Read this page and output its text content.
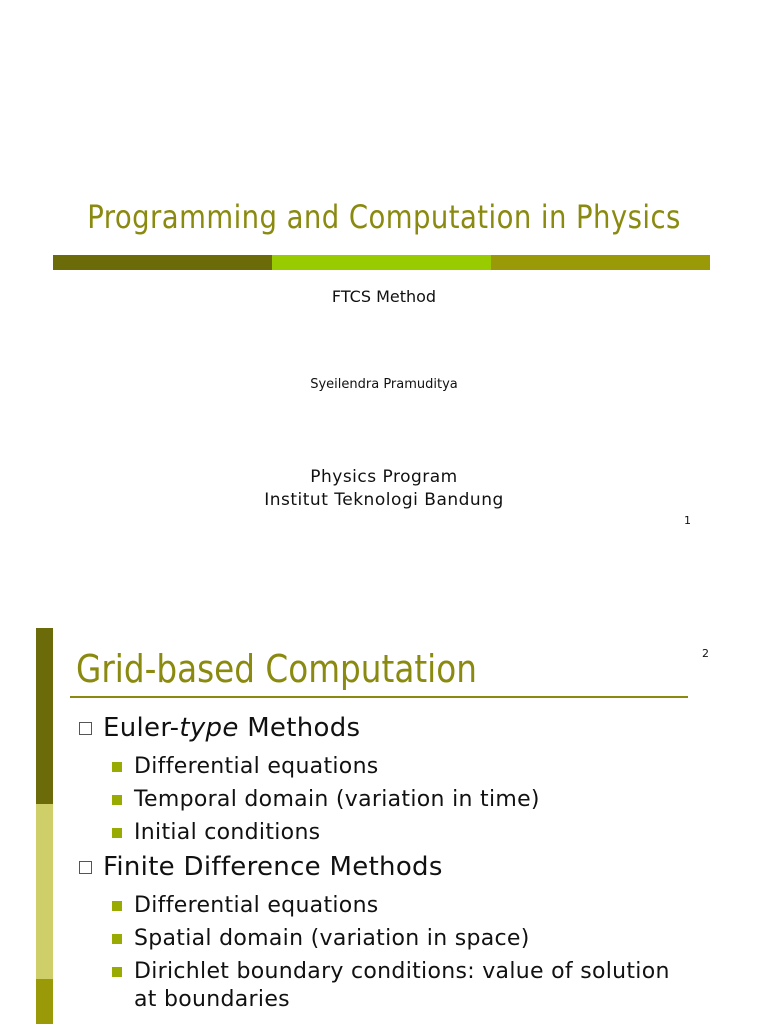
Programming and Computation in Physics
FTCS Method
Syeilendra Pramuditya
Physics Program
Institut Teknologi Bandung
1
2
Grid-based Computation
Euler- type Methods
Differential equations
Temporal domain (variation in time)
Initial conditions
Finite Difference Methods
Differential equations
Spatial domain (variation in space)
Dirichlet boundary conditions: value of solution
at boundaries
